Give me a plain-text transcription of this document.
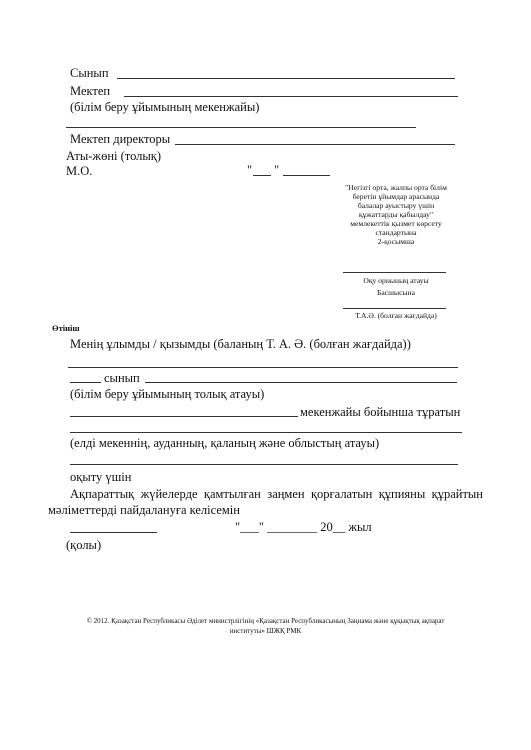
Сынып
Мектеп
(білім беру ұйымының мекенжайы)
Мектеп директоры
Аты-жөні (толық)
М.О.	" "
"Негізгі орта, жалпы орта білім
беретін ұйымдар арасында
балалар ауыстыру үшін
құжаттарды қабылдау"
мемлекеттік қызмет көрсету
стандартына
2-қосымша
Оқу орнының атауы
Басшысына
Т.А.Ә. (болған жағдайда)
Өтініш
Менің ұлымды / қызымды (баланың Т. А. Ә. (болған жағдайда))
сынып
(білім беру ұйымының толық атауы)
мекенжайы бойынша тұратын
(елді мекеннің, ауданның, қаланың және облыстың атауы)
оқыту үшін
Ақпараттық жүйелерде қамтылған заңмен қорғалатын құпияны құрайтын
мәліметтерді пайдалануға келісемін
"___" ________ 20__ жыл
(қолы)
© 2012. Қазақстан Республикасы Әділет министрлігінің «Қазақстан Республикасының Заңнама және құқықтық ақпарат
институты» ШЖҚ РМК
